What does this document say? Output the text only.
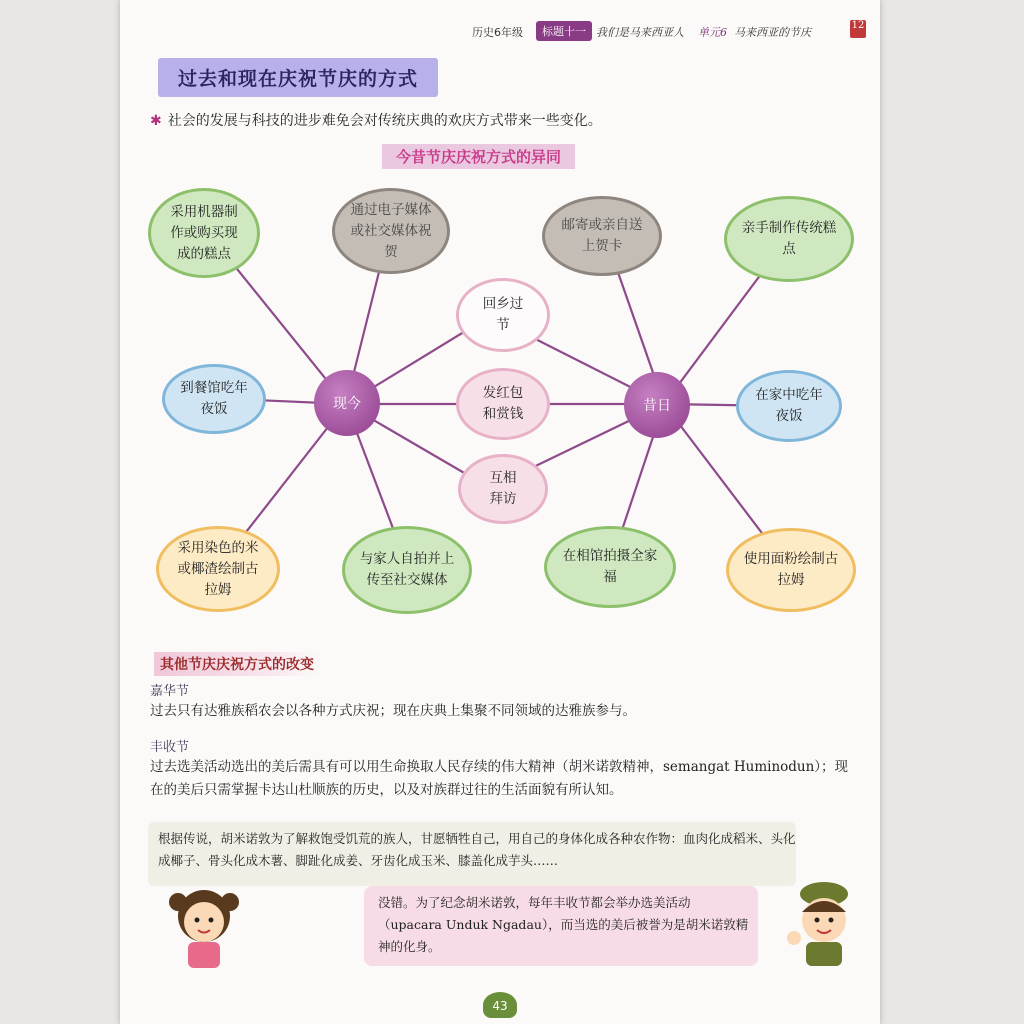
历史6年级	标题十一 我们是马来西亚人 单元6 马来西亚的节庆
12
过去和现在庆祝节庆的方式
✱ 社会的发展与科技的进步难免会对传统庆典的欢庆方式带来一些变化。
今昔节庆庆祝方式的异同
采用机器制作或购买现成的糕点
通过电子媒体或社交媒体祝贺
到餐馆吃年夜饭
采用染色的米或椰渣绘制古拉姆
与家人自拍并上传至社交媒体
回乡过节
发红包和赏钱
互相拜访
邮寄或亲自送上贺卡
亲手制作传统糕点
在家中吃年夜饭
在相馆拍摄全家福
使用面粉绘制古拉姆
现今	昔日
其他节庆庆祝方式的改变
嘉华节
过去只有达雅族稻农会以各种方式庆祝；现在庆典上集聚不同领域的达雅族参与。
丰收节
过去选美活动选出的美后需具有可以用生命换取人民存续的伟大精神（胡米诺敦精神，semangat Huminodun）；现在的美后只需掌握卡达山杜顺族的历史，以及对族群过往的生活面貌有所认知。
根据传说，胡米诺敦为了解救饱受饥荒的族人，甘愿牺牲自己，用自己的身体化成各种农作物：血肉化成稻米、头化成椰子、骨头化成木薯、脚趾化成姜、牙齿化成玉米、膝盖化成芋头……
没错。为了纪念胡米诺敦，每年丰收节都会举办选美活动（upacara Unduk Ngadau），而当选的美后被誉为是胡米诺敦精神的化身。
43
